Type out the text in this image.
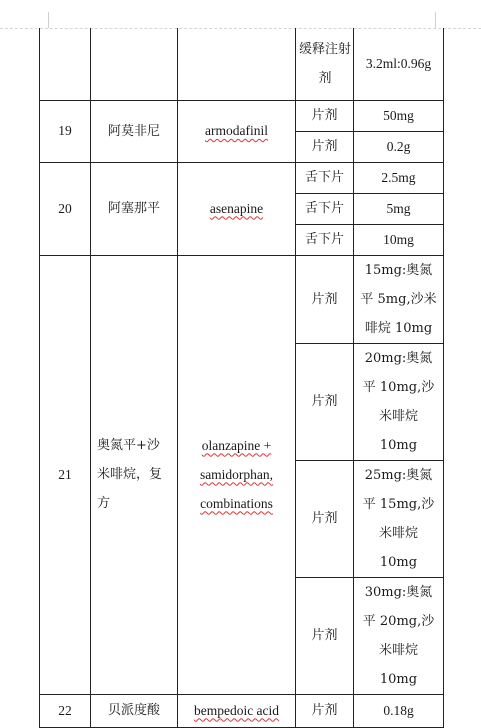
			缓释注射剂	3.2ml:0.96g
19	阿莫非尼	armodafinil	片剂	50mg
			片剂	0.2g
20	阿塞那平	asenapine	舌下片	2.5mg
			舌下片	5mg
			舌下片	10mg
21	奥氮平+沙米啡烷，复方	olanzapine + samidorphan, combinations	片剂	15mg:奥氮平 5mg,沙米啡烷 10mg
			片剂	20mg:奥氮平 10mg,沙米啡烷 10mg
			片剂	25mg:奥氮平 15mg,沙米啡烷 10mg
			片剂	30mg:奥氮平 20mg,沙米啡烷 10mg
22	贝派度酸	bempedoic acid	片剂	0.18g
